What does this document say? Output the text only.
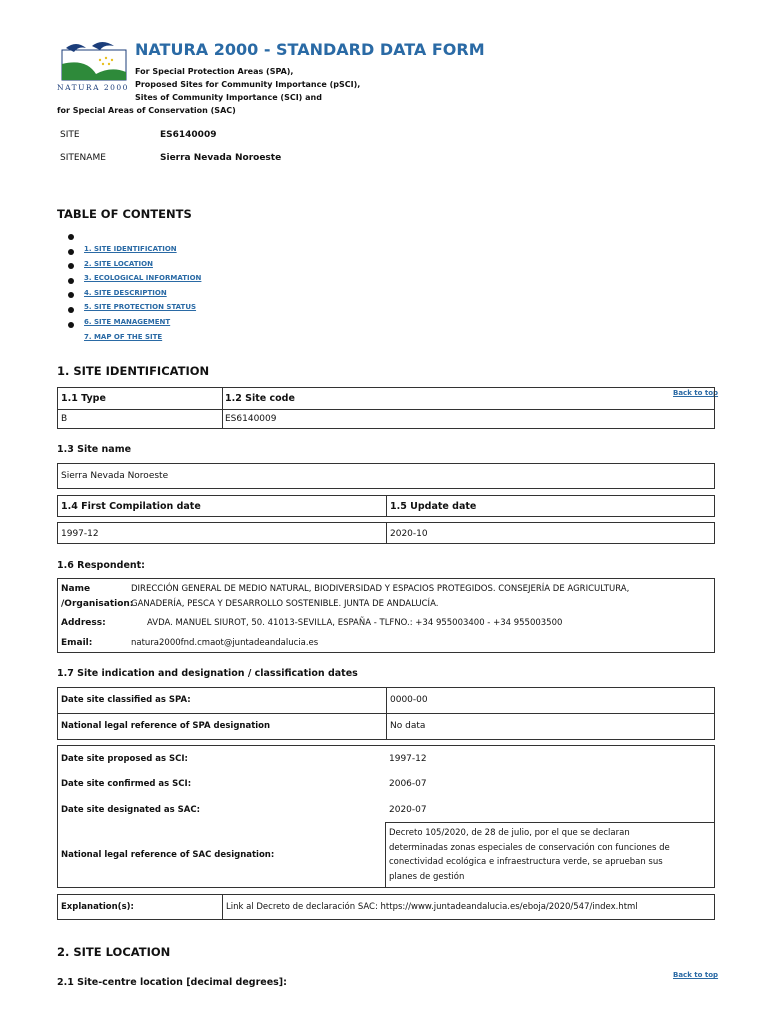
NATURA 2000
NATURA 2000 - STANDARD DATA FORM
For Special Protection Areas (SPA),
Proposed Sites for Community Importance (pSCI),
Sites of Community Importance (SCI) and
for Special Areas of Conservation (SAC)
SITE	ES6140009
SITENAME	Sierra Nevada Noroeste
TABLE OF CONTENTS
1. SITE IDENTIFICATION
2. SITE LOCATION
3. ECOLOGICAL INFORMATION
4. SITE DESCRIPTION
5. SITE PROTECTION STATUS
6. SITE MANAGEMENT
7. MAP OF THE SITE
1. SITE IDENTIFICATION
Back to top
1.1 Type	1.2 Site code
B	ES6140009
1.3 Site name
Sierra Nevada Noroeste
1.4 First Compilation date	1.5 Update date
1997-12	2020-10
1.6 Respondent:
Name
/Organisation:
DIRECCIÓN GENERAL DE MEDIO NATURAL, BIODIVERSIDAD Y ESPACIOS PROTEGIDOS. CONSEJERÍA DE AGRICULTURA,
GANADERÍA, PESCA Y DESARROLLO SOSTENIBLE. JUNTA DE ANDALUCÍA.
Address:	AVDA. MANUEL SIUROT, 50. 41013-SEVILLA, ESPAÑA - TLFNO.: +34 955003400 - +34 955003500
Email:	natura2000fnd.cmaot@juntadeandalucia.es
1.7 Site indication and designation / classification dates
Date site classified as SPA:	0000-00
National legal reference of SPA designation	No data
Date site proposed as SCI:	1997-12
Date site confirmed as SCI:	2006-07
Date site designated as SAC:	2020-07
National legal reference of SAC designation:
Decreto 105/2020, de 28 de julio, por el que se declaran
determinadas zonas especiales de conservación con funciones de
conectividad ecológica e infraestructura verde, se aprueban sus
planes de gestión
Explanation(s):	Link al Decreto de declaración SAC: https://www.juntadeandalucia.es/eboja/2020/547/index.html
2. SITE LOCATION
Back to top
2.1 Site-centre location [decimal degrees]:
